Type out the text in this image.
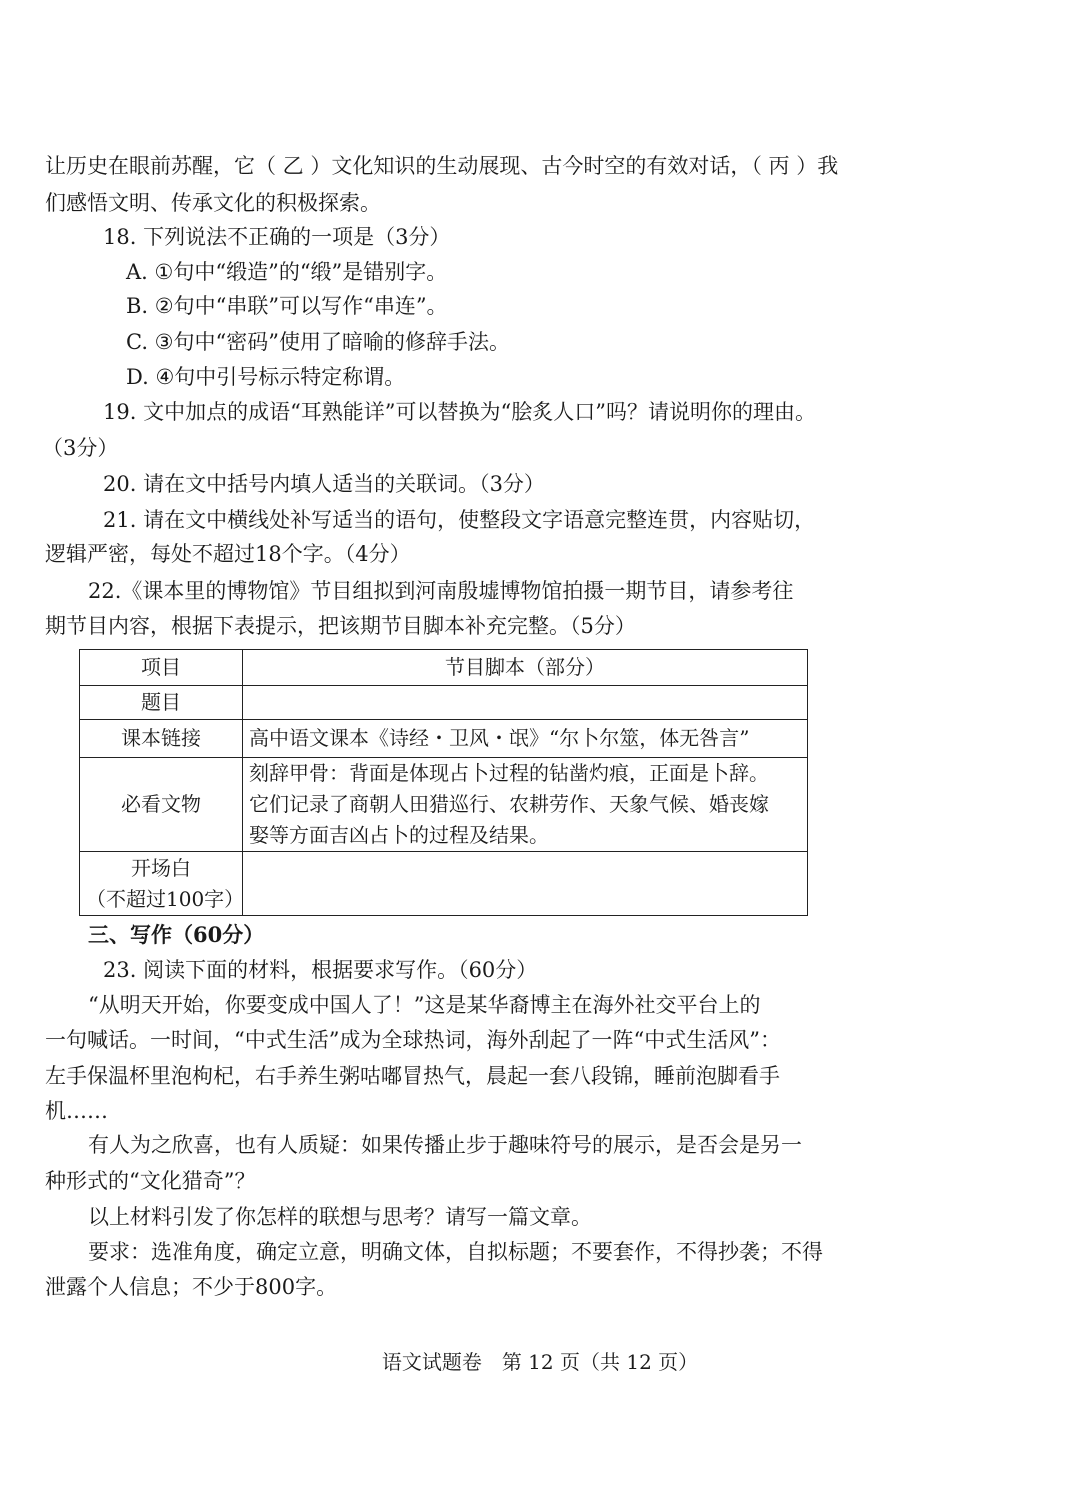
让历史在眼前苏醒，它（ 乙 ）文化知识的生动展现、古今时空的有效对话，（ 丙 ）我
们感悟文明、传承文化的积极探索。
18. 下列说法不正确的一项是（3分）
A. ①句中“缎造”的“缎”是错别字。
B. ②句中“串联”可以写作“串连”。
C. ③句中“密码”使用了暗喻的修辞手法。
D. ④句中引号标示特定称谓。
19. 文中加点的成语“耳熟能详”可以替换为“脍炙人口”吗？请说明你的理由。
（3分）
20. 请在文中括号内填人适当的关联词。（3分）
21. 请在文中横线处补写适当的语句，使整段文字语意完整连贯，内容贴切，
逻辑严密，每处不超过18个字。（4分）
22.《课本里的博物馆》节目组拟到河南殷墟博物馆拍摄一期节目，请参考往
期节目内容，根据下表提示，把该期节目脚本补充完整。（5分）
项目	节目脚本（部分）
题目	
课本链接	高中语文课本《诗经・卫风・氓》“尔卜尔筮，体无咎言”
必看文物	刻辞甲骨：背面是体现占卜过程的钻凿灼痕，正面是卜辞。
它们记录了商朝人田猎巡行、农耕劳作、天象气候、婚丧嫁
娶等方面吉凶占卜的过程及结果。

开场白
（不超过100字）	

三、写作（60分）
23. 阅读下面的材料，根据要求写作。（60分）
“从明天开始，你要变成中国人了！”这是某华裔博主在海外社交平台上的
一句喊话。一时间，“中式生活”成为全球热词，海外刮起了一阵“中式生活风”：
左手保温杯里泡枸杞，右手养生粥咕嘟冒热气，晨起一套八段锦，睡前泡脚看手
机……
有人为之欣喜，也有人质疑：如果传播止步于趣味符号的展示，是否会是另一
种形式的“文化猎奇”？
以上材料引发了你怎样的联想与思考？请写一篇文章。
要求：选准角度，确定立意，明确文体，自拟标题；不要套作，不得抄袭；不得
泄露个人信息；不少于800字。
语文试题卷　第 12 页（共 12 页）
